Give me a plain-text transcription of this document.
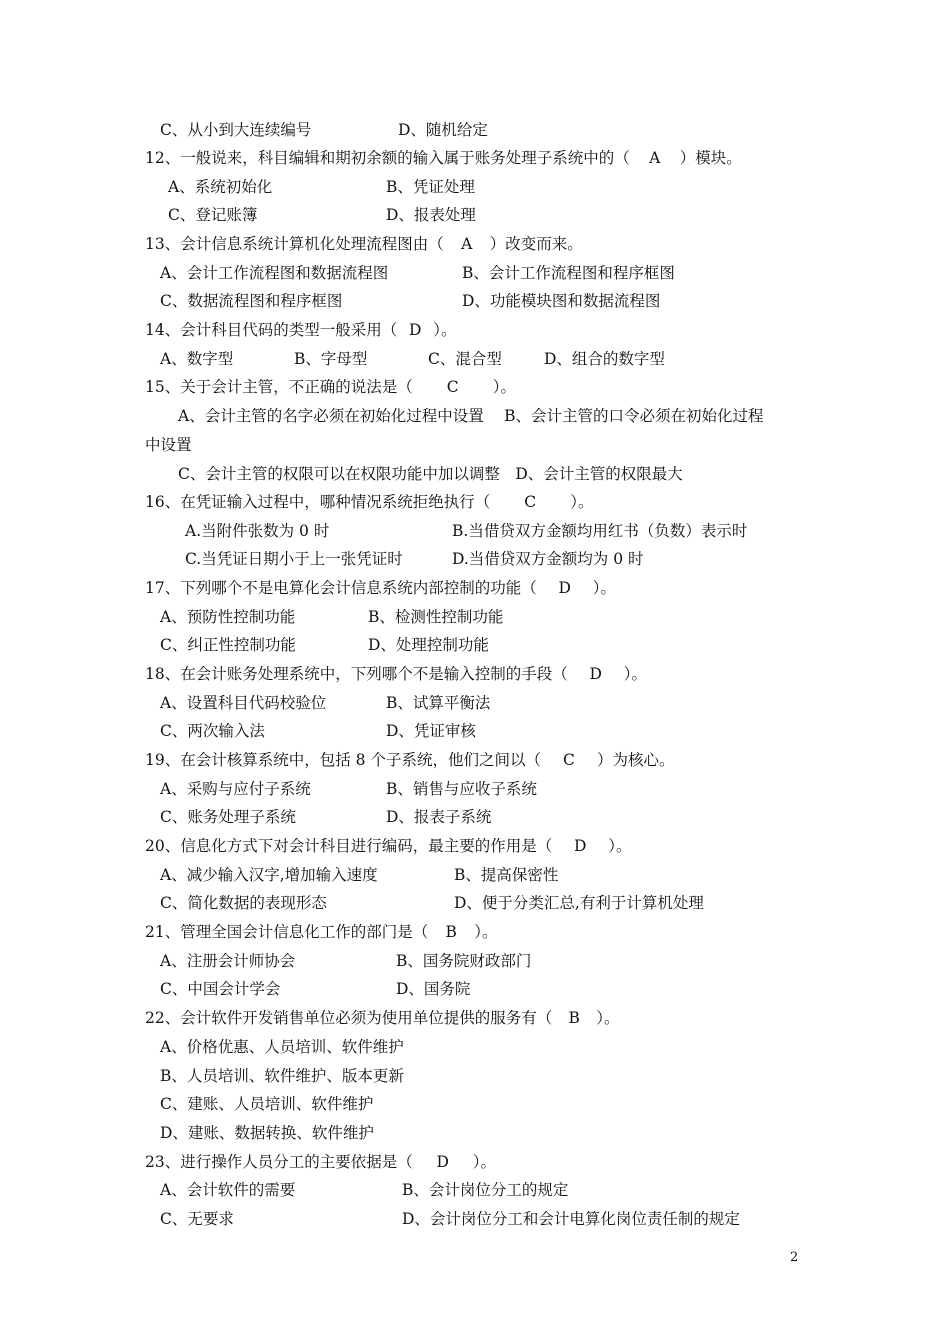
C、从小到大连续编号	D、随机给定
12、一般说来，科目编辑和期初余额的输入属于账务处理子系统中的（ A ）模块。
A、系统初始化	B、凭证处理
C、登记账簿	D、报表处理
13、会计信息系统计算机化处理流程图由（ A ）改变而来。
A、会计工作流程图和数据流程图	B、会计工作流程图和程序框图
C、数据流程图和程序框图	D、功能模块图和数据流程图
14、会计科目代码的类型一般采用（ D ）。
A、数字型	B、字母型	C、混合型	D、组合的数字型
15、关于会计主管，不正确的说法是（ C ）。
A、会计主管的名字必须在初始化过程中设置　 B、会计主管的口令必须在初始化过程
中设置
C、会计主管的权限可以在权限功能中加以调整　D、会计主管的权限最大
16、在凭证输入过程中，哪种情况系统拒绝执行（ C ）。
A.当附件张数为 0 时	B.当借贷双方金额均用红书（负数）表示时
C.当凭证日期小于上一张凭证时	D.当借贷双方金额均为 0 时
17、下列哪个不是电算化会计信息系统内部控制的功能（ D ）。
A、预防性控制功能	B、检测性控制功能
C、纠正性控制功能	D、处理控制功能
18、在会计账务处理系统中，下列哪个不是输入控制的手段（ D ）。
A、设置科目代码校验位	B、试算平衡法
C、两次输入法	D、凭证审核
19、在会计核算系统中，包括 8 个子系统，他们之间以（ C ）为核心。
A、采购与应付子系统	B、销售与应收子系统
C、账务处理子系统	D、报表子系统
20、信息化方式下对会计科目进行编码，最主要的作用是（ D ）。
A、减少输入汉字,增加输入速度	B、提高保密性
C、简化数据的表现形态	D、便于分类汇总,有利于计算机处理
21、管理全国会计信息化工作的部门是（ B ）。
A、注册会计师协会	B、国务院财政部门
C、中国会计学会	D、国务院
22、会计软件开发销售单位必须为使用单位提供的服务有（ B ）。
A、价格优惠、人员培训、软件维护
B、人员培训、软件维护、版本更新
C、建账、人员培训、软件维护
D、建账、数据转换、软件维护
23、进行操作人员分工的主要依据是（ D ）。
A、会计软件的需要	B、会计岗位分工的规定
C、无要求	D、会计岗位分工和会计电算化岗位责任制的规定
2
